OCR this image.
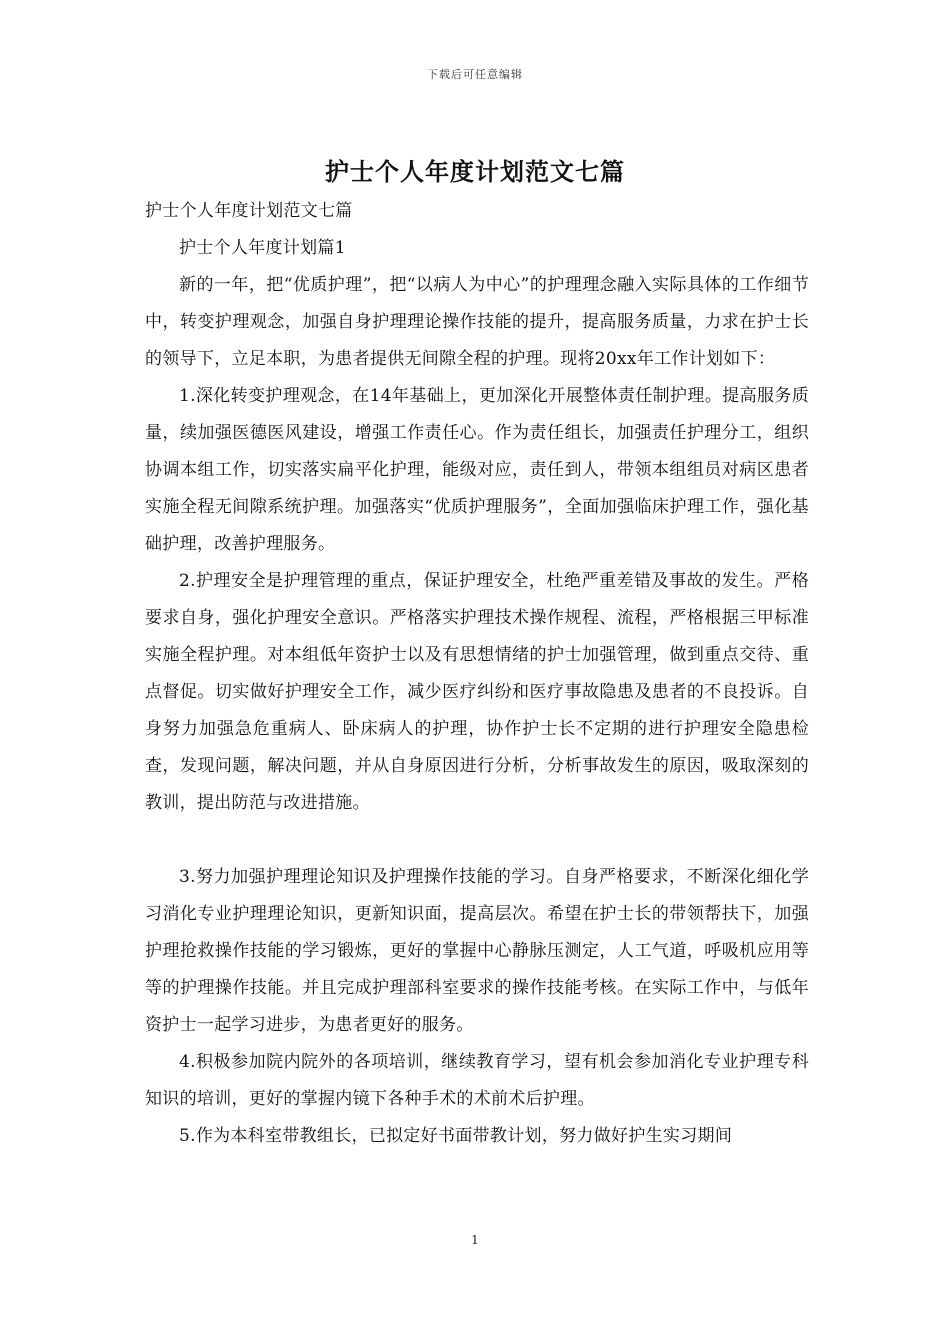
下载后可任意编辑
护士个人年度计划范文七篇

护士个人年度计划范文七篇

护士个人年度计划篇1

新的一年，把“优质护理”，把“以病人为中心”的护理理念融入实际具体的工作细节中，转变护理观念，加强自身护理理论操作技能的提升，提高服务质量，力求在护士长的领导下，立足本职，为患者提供无间隙全程的护理。现将20xx年工作计划如下：

1.深化转变护理观念，在14年基础上，更加深化开展整体责任制护理。提高服务质量，续加强医德医风建设，增强工作责任心。作为责任组长，加强责任护理分工，组织协调本组工作，切实落实扁平化护理，能级对应，责任到人，带领本组组员对病区患者实施全程无间隙系统护理。加强落实“优质护理服务”，全面加强临床护理工作，强化基础护理，改善护理服务。

2.护理安全是护理管理的重点，保证护理安全，杜绝严重差错及事故的发生。严格要求自身，强化护理安全意识。严格落实护理技术操作规程、流程，严格根据三甲标准实施全程护理。对本组低年资护士以及有思想情绪的护士加强管理，做到重点交待、重点督促。切实做好护理安全工作，减少医疗纠纷和医疗事故隐患及患者的不良投诉。自身努力加强急危重病人、卧床病人的护理，协作护士长不定期的进行护理安全隐患检查，发现问题，解决问题，并从自身原因进行分析，分析事故发生的原因，吸取深刻的教训，提出防范与改进措施。

3.努力加强护理理论知识及护理操作技能的学习。自身严格要求，不断深化细化学习消化专业护理理论知识，更新知识面，提高层次。希望在护士长的带领帮扶下，加强护理抢救操作技能的学习锻炼，更好的掌握中心静脉压测定，人工气道，呼吸机应用等等的护理操作技能。并且完成护理部科室要求的操作技能考核。在实际工作中，与低年资护士一起学习进步，为患者更好的服务。

4.积极参加院内院外的各项培训，继续教育学习，望有机会参加消化专业护理专科知识的培训，更好的掌握内镜下各种手术的术前术后护理。

5.作为本科室带教组长，已拟定好书面带教计划，努力做好护生实习期间

1
